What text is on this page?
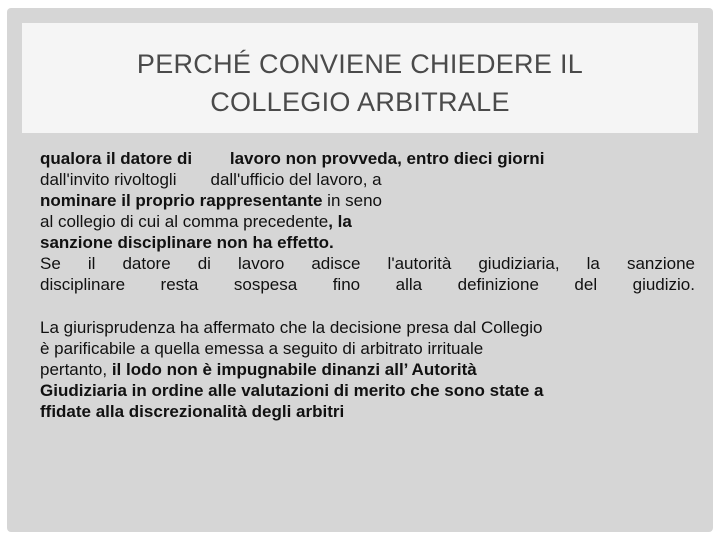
PERCHÉ CONVIENE CHIEDERE IL
COLLEGIO ARBITRALE
qualora il datore di        lavoro non provveda, entro dieci giorni
dall'invito rivoltogli dall'ufficio del lavoro, a
nominare il proprio rappresentante in seno
al collegio di cui al comma precedente, la
sanzione disciplinare non ha effetto.
Se il datore di lavoro adisce l'autorità giudiziaria, la sanzione
disciplinare resta sospesa fino alla definizione del giudizio.
La giurisprudenza ha affermato che la decisione presa dal Collegio
è parificabile a quella emessa a seguito di arbitrato irrituale
pertanto, il lodo non è impugnabile dinanzi all’ Autorità
Giudiziaria in ordine alle valutazioni di merito che sono state a
ffidate alla discrezionalità degli arbitri
